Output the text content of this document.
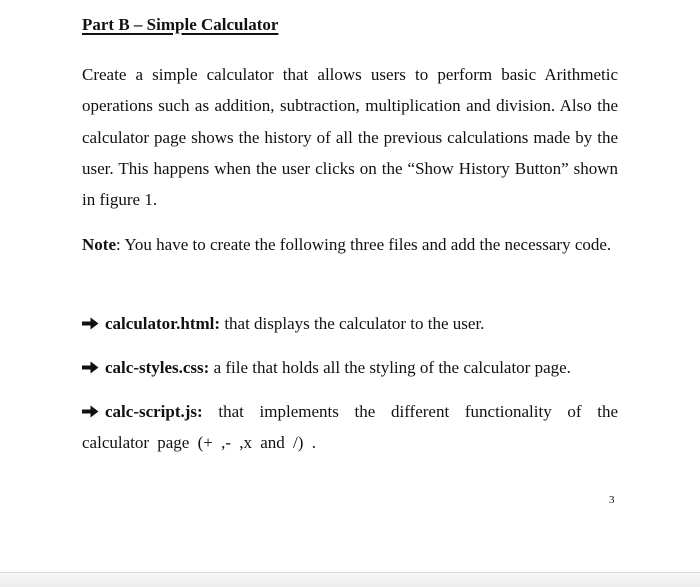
Part B – Simple Calculator

Create a simple calculator that allows users to perform basic Arithmetic operations such as addition, subtraction, multiplication and division. Also the calculator page shows the history of all the previous calculations made by the user. This happens when the user clicks on the “Show History Button” shown in figure 1.

Note: You have to create the following three files and add the necessary code.

calculator.html: that displays the calculator to the user.

calc-styles.css: a file that holds all the styling of the calculator page.

calc-script.js: that implements the different functionality of the calculator page (+ ,- ,x and /) .

3
